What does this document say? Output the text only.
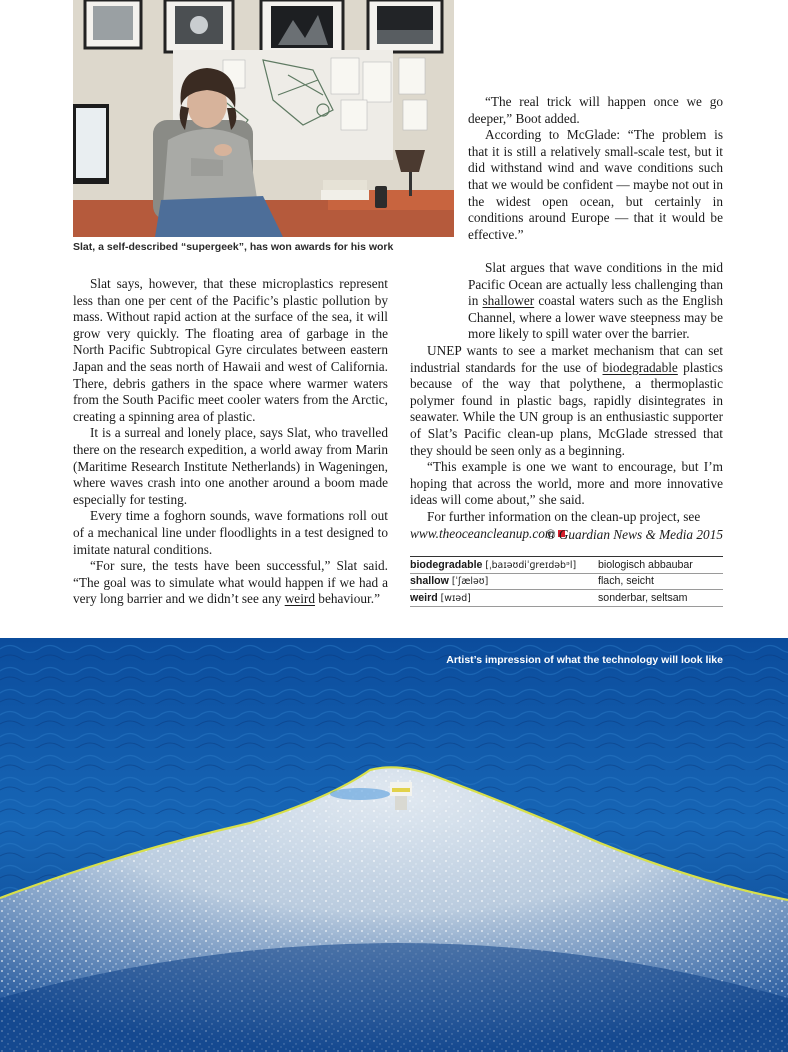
Slat, a self-described “supergeek”, has won awards for his work

“The real trick will happen once we go deeper,” Boot added.

According to McGlade: “The problem is that it is still a relatively small-scale test, but it did withstand wind and wave conditions such that we would be confident — maybe not out in the widest open ocean, but certainly in conditions around Europe — that it would be effective.”

Slat says, however, that these microplastics represent less than one per cent of the Pacific’s plastic pollution by mass. Without rapid action at the surface of the sea, it will grow very quickly. The floating area of garbage in the North Pacific Subtropical Gyre circulates between eastern Japan and the seas north of Hawaii and west of California. There, debris gathers in the space where warmer waters from the South Pacific meet cooler waters from the Arctic, creating a spinning area of plastic.

It is a surreal and lonely place, says Slat, who travelled there on the research expedition, a world away from Marin (Maritime Research Institute Netherlands) in Wageningen, where waves crash into one another around a boom made especially for testing.

Every time a foghorn sounds, wave formations roll out of a mechanical line under floodlights in a test designed to imitate natural conditions.

“For sure, the tests have been successful,” Slat said. “The goal was to simulate what would happen if we had a very long barrier and we didn’t see any weird behaviour.”

Slat argues that wave conditions in the mid Pacific Ocean are actually less challenging than in shallower coastal waters such as the English Channel, where a lower wave steepness may be more likely to spill water over the barrier.

UNEP wants to see a market mechanism that can set industrial standards for the use of biodegradable plastics because of the way that polythene, a thermoplastic polymer found in plastic bags, rapidly disintegrates in seawater. While the UN group is an enthusiastic supporter of Slat’s Pacific clean-up plans, McGlade stressed that they should be seen only as a beginning.

“This example is one we want to encourage, but I’m hoping that across the world, more and more innovative ideas will come about,” she said.

For further information on the clean-up project, see

www.theoceancleanup.com

© Guardian News & Media 2015
biodegradable [ˌbaɪəʊdiˈɡreɪdəbᵊl]	biologisch abbaubar
shallow [ˈʃæləʊ]	flach, seicht
weird [wɪəd]	sonderbar, seltsam
Artist’s impression of what the technology will look like
